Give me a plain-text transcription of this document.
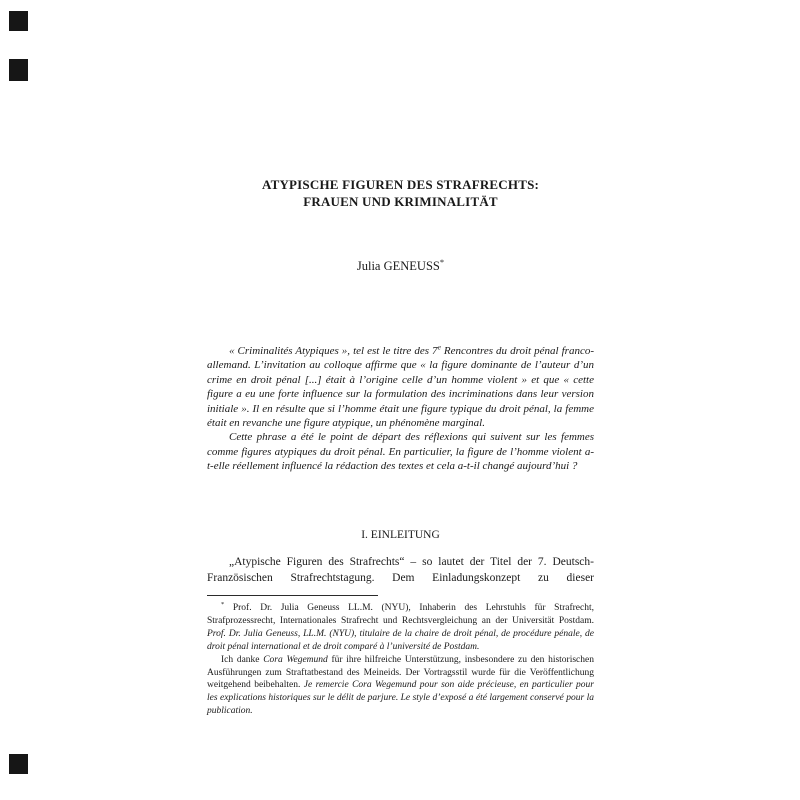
ATYPISCHE FIGUREN DES STRAFRECHTS:
FRAUEN UND KRIMINALITÄT
Julia GENEUSS*

« Criminalités Atypiques », tel est le titre des 7e Rencontres du droit pénal franco-allemand. L’invitation au colloque affirme que « la figure dominante de l’auteur d’un crime en droit pénal [...] était à l’origine celle d’un homme violent » et que « cette figure a eu une forte influence sur la formulation des incriminations dans leur version initiale ». Il en résulte que si l’homme était une figure typique du droit pénal, la femme était en revanche une figure atypique, un phénomène marginal.

Cette phrase a été le point de départ des réflexions qui suivent sur les femmes comme figures atypiques du droit pénal. En particulier, la figure de l’homme violent a-t-elle réellement influencé la rédaction des textes et cela a-t-il changé aujourd’hui ?

I. EINLEITUNG

„Atypische Figuren des Strafrechts“ – so lautet der Titel der 7. Deutsch-Französischen Strafrechtstagung. Dem Einladungskonzept zu dieser

* Prof. Dr. Julia Geneuss LL.M. (NYU), Inhaberin des Lehrstuhls für Strafrecht, Strafprozessrecht, Internationales Strafrecht und Rechtsvergleichung an der Universität Postdam. Prof. Dr. Julia Geneuss, LL.M. (NYU), titulaire de la chaire de droit pénal, de procédure pénale, de droit pénal international et de droit comparé à l’université de Postdam.

Ich danke Cora Wegemund für ihre hilfreiche Unterstützung, insbesondere zu den historischen Ausführungen zum Straftatbestand des Meineids. Der Vortragsstil wurde für die Veröffentlichung weitgehend beibehalten. Je remercie Cora Wegemund pour son aide précieuse, en particulier pour les explications historiques sur le délit de parjure. Le style d’exposé a été largement conservé pour la publication.
